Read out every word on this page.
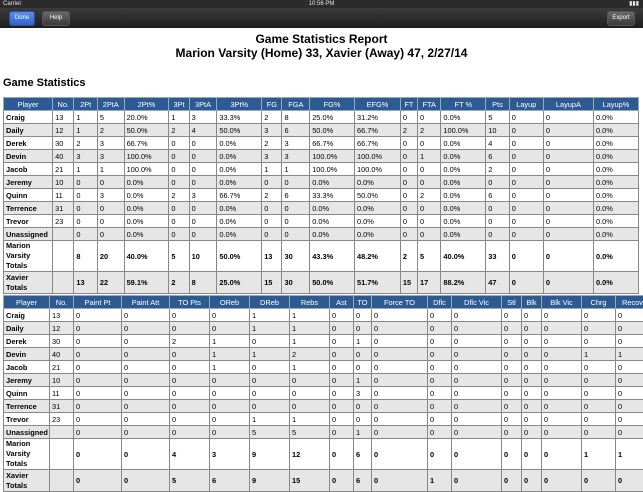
Carrier	10:56 PM	▮▮▮
Done	Help	Export
Game Statistics Report
Marion Varsity (Home) 33, Xavier (Away) 47, 2/27/14
Game Statistics
Player	No.	2Pt	2PtA	2Pt%	3Pt	3PtA	3Pt%	FG	FGA	FG%	EFG%	FT	FTA	FT %	Pts	Layup	LayupA	Layup%
Craig	13	1	5	20.0%	1	3	33.3%	2	8	25.0%	31.2%	0	0	0.0%	5	0	0	0.0%
Daily	12	1	2	50.0%	2	4	50.0%	3	6	50.0%	66.7%	2	2	100.0%	10	0	0	0.0%
Derek	30	2	3	66.7%	0	0	0.0%	2	3	66.7%	66.7%	0	0	0.0%	4	0	0	0.0%
Devin	40	3	3	100.0%	0	0	0.0%	3	3	100.0%	100.0%	0	1	0.0%	6	0	0	0.0%
Jacob	21	1	1	100.0%	0	0	0.0%	1	1	100.0%	100.0%	0	0	0.0%	2	0	0	0.0%
Jeremy	10	0	0	0.0%	0	0	0.0%	0	0	0.0%	0.0%	0	0	0.0%	0	0	0	0.0%
Quinn	11	0	3	0.0%	2	3	66.7%	2	6	33.3%	50.0%	0	2	0.0%	6	0	0	0.0%
Terrence	31	0	0	0.0%	0	0	0.0%	0	0	0.0%	0.0%	0	0	0.0%	0	0	0	0.0%
Trevor	23	0	0	0.0%	0	0	0.0%	0	0	0.0%	0.0%	0	0	0.0%	0	0	0	0.0%
Unassigned		0	0	0.0%	0	0	0.0%	0	0	0.0%	0.0%	0	0	0.0%	0	0	0	0.0%
Marion Varsity Totals		8	20	40.0%	5	10	50.0%	13	30	43.3%	48.2%	2	5	40.0%	33	0	0	0.0%
Xavier Totals		13	22	59.1%	2	8	25.0%	15	30	50.0%	51.7%	15	17	88.2%	47	0	0	0.0%
Player	No.	Paint Pt	Paint Att	TO Pts	OReb	DReb	Rebs	Ast	TO	Force TO	Dflc	Dflc Vic	Stl	Blk	Blk Vic	Chrg	Recov
Craig	13	0	0	0	0	1	1	0	0	0	0	0	0	0	0	0	0
Daily	12	0	0	0	0	1	1	0	0	0	0	0	0	0	0	0	0
Derek	30	0	0	2	1	0	1	0	1	0	0	0	0	0	0	0	0
Devin	40	0	0	0	1	1	2	0	0	0	0	0	0	0	0	1	1
Jacob	21	0	0	0	1	0	1	0	0	0	0	0	0	0	0	0	0
Jeremy	10	0	0	0	0	0	0	0	1	0	0	0	0	0	0	0	0
Quinn	11	0	0	0	0	0	0	0	3	0	0	0	0	0	0	0	0
Terrence	31	0	0	0	0	0	0	0	0	0	0	0	0	0	0	0	0
Trevor	23	0	0	0	0	1	1	0	0	0	0	0	0	0	0	0	0
Unassigned		0	0	0	0	5	5	0	1	0	0	0	0	0	0	0	0
Marion Varsity Totals		0	0	4	3	9	12	0	6	0	0	0	0	0	0	1	1
Xavier Totals		0	0	5	6	9	15	0	6	0	1	0	0	0	0	0	0
